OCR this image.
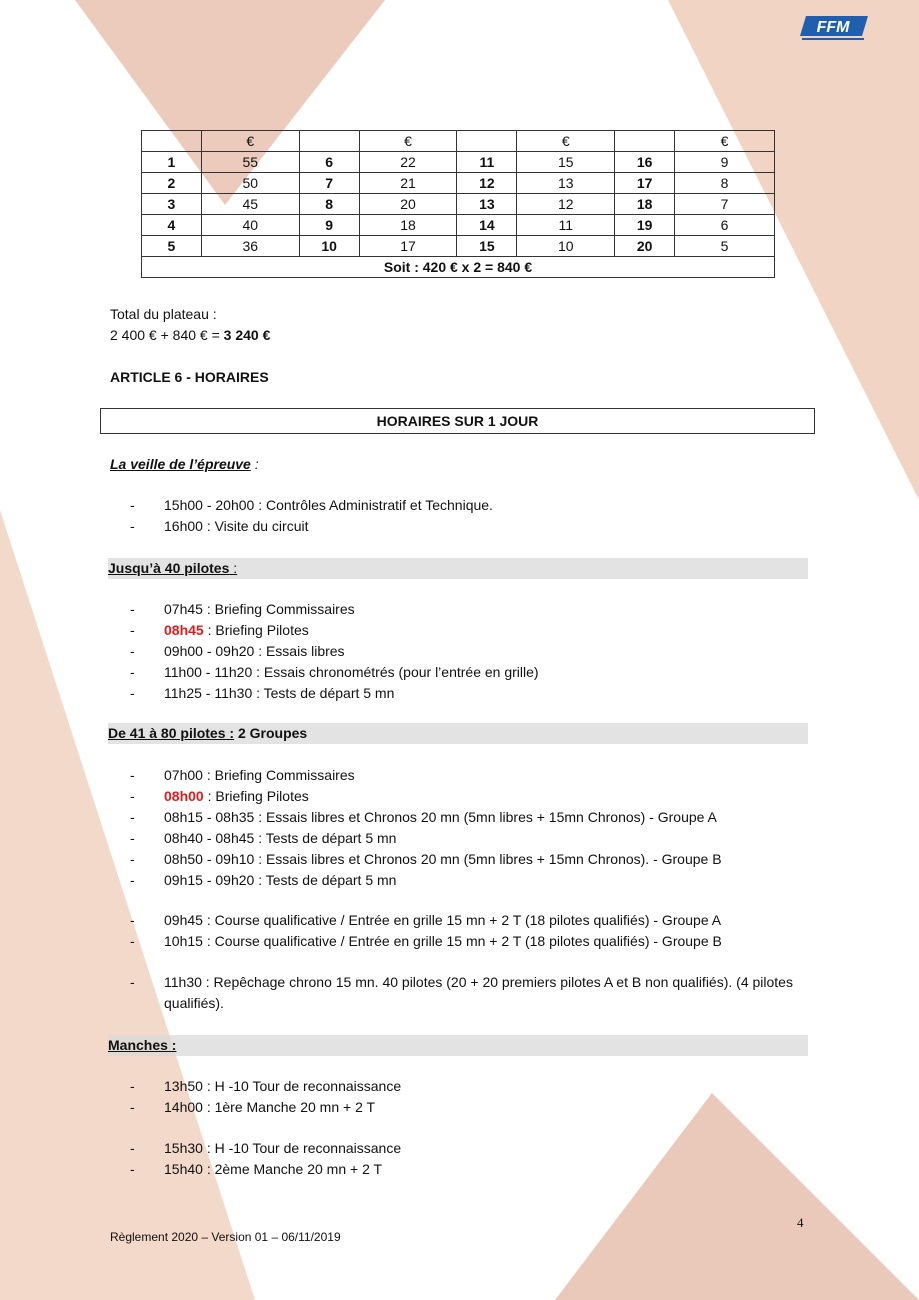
FFM
	€		€		€		€
1	55	6	22	11	15	16	9
2	50	7	21	12	13	17	8
3	45	8	20	13	12	18	7
4	40	9	18	14	11	19	6
5	36	10	17	15	10	20	5
Soit : 420 € x 2 = 840 €							
Total du plateau :
2 400 € + 840 € = 3 240 €
ARTICLE 6 - HORAIRES
HORAIRES SUR 1 JOUR
La veille de l’épreuve :
- 15h00 - 20h00 : Contrôles Administratif et Technique.
- 16h00 : Visite du circuit
Jusqu’à 40 pilotes :
- 07h45 : Briefing Commissaires
- 08h45 : Briefing Pilotes
- 09h00 - 09h20 : Essais libres
- 11h00 - 11h20 : Essais chronométrés (pour l’entrée en grille)
- 11h25 - 11h30 : Tests de départ 5 mn
De 41 à 80 pilotes : 2 Groupes
- 07h00 : Briefing Commissaires
- 08h00 : Briefing Pilotes
- 08h15 - 08h35 : Essais libres et Chronos 20 mn (5mn libres + 15mn Chronos) - Groupe A
- 08h40 - 08h45 : Tests de départ 5 mn
- 08h50 - 09h10 : Essais libres et Chronos 20 mn (5mn libres + 15mn Chronos). - Groupe B
- 09h15 - 09h20 : Tests de départ 5 mn
- 09h45 : Course qualificative / Entrée en grille 15 mn + 2 T (18 pilotes qualifiés) - Groupe A
- 10h15 : Course qualificative / Entrée en grille 15 mn + 2 T (18 pilotes qualifiés) - Groupe B
- 11h30 : Repêchage chrono 15 mn. 40 pilotes (20 + 20 premiers pilotes A et B non qualifiés). (4 pilotes qualifiés).
Manches :
- 13h50 : H -10 Tour de reconnaissance
- 14h00 : 1ère Manche 20 mn + 2 T
- 15h30 : H -10 Tour de reconnaissance
- 15h40 : 2ème Manche 20 mn + 2 T
4
Règlement 2020 – Version 01 – 06/11/2019
